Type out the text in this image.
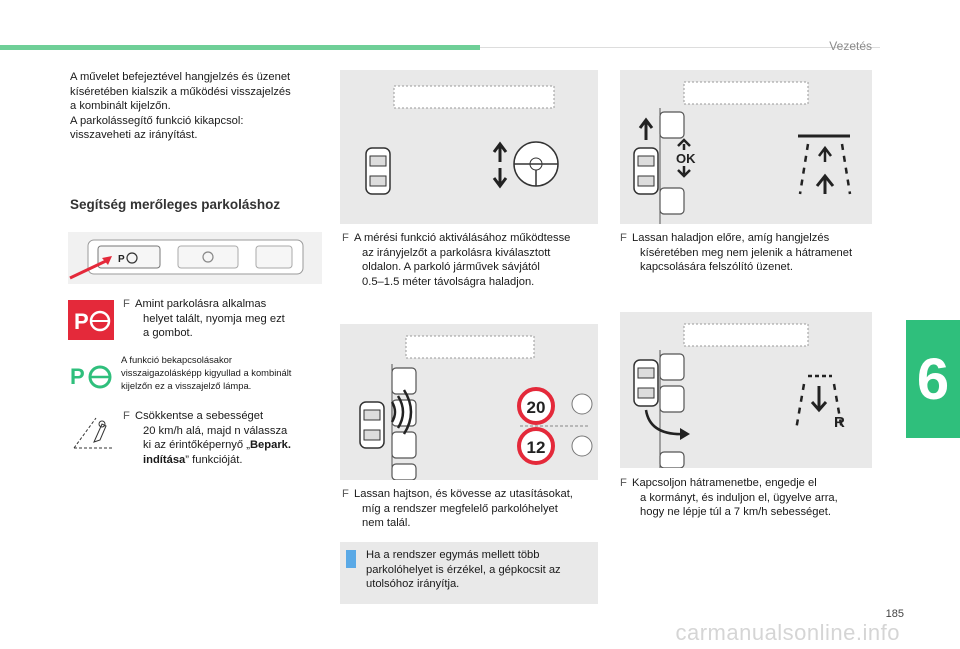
Vezetés
6
185
carmanualsonline.info
A művelet befejeztével hangjelzés és üzenet
kíséretében kialszik a működési visszajelzés
a kombinált kijelzőn.
A parkolássegítő funkció kikapcsol:
visszaveheti az irányítást.
Segítség merőleges parkoláshoz
P
P
F Amint parkolásra alkalmas
helyet talált, nyomja meg ezt
a gombot.
P
A funkció bekapcsolásakor
visszaigazolásképp kigyullad a kombinált
kijelzőn ez a visszajelző lámpa.
F Csökkentse a sebességet
20 km/h alá, majd n válassza
ki az érintőképernyő „Bepark.
indítása” funkcióját.
F A mérési funkció aktiválásához működtesse
az irányjelzőt a parkolásra kiválasztott
oldalon. A parkoló járművek sávjától
0.5–1.5 méter távolságra haladjon.
20
12
F Lassan hajtson, és kövesse az utasításokat,
míg a rendszer megfelelő parkolóhelyet
nem talál.
Ha a rendszer egymás mellett több
parkolóhelyet is érzékel, a gépkocsit az
utolsóhoz irányítja.
OK
F Lassan haladjon előre, amíg hangjelzés
kíséretében meg nem jelenik a hátramenet
kapcsolására felszólító üzenet.
R
F Kapcsoljon hátramenetbe, engedje el
a kormányt, és induljon el, ügyelve arra,
hogy ne lépje túl a 7 km/h sebességet.
